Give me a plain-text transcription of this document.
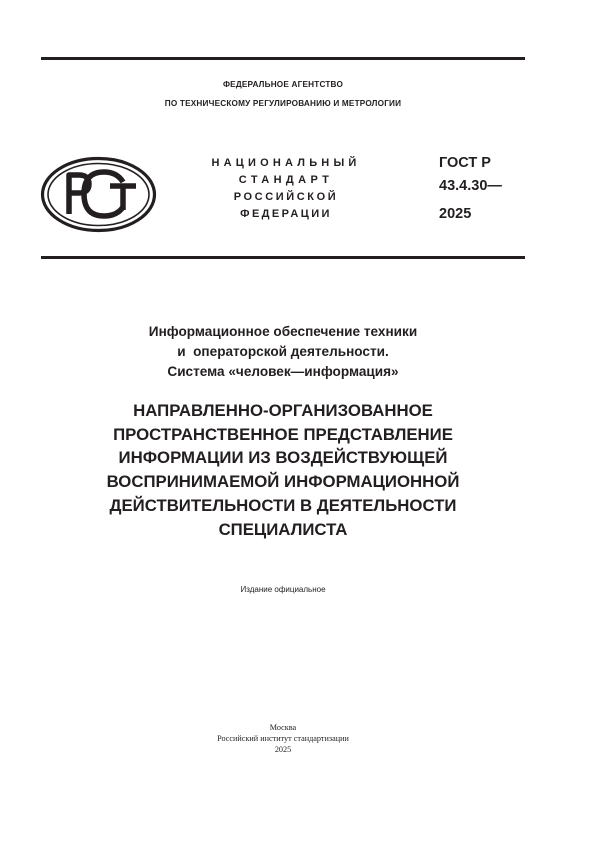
ФЕДЕРАЛЬНОЕ АГЕНТСТВО
ПО ТЕХНИЧЕСКОМУ РЕГУЛИРОВАНИЮ И МЕТРОЛОГИИ
НАЦИОНАЛЬНЫЙ
СТАНДАРТ
РОССИЙСКОЙ
ФЕДЕРАЦИИ
ГОСТ Р
43.4.30—
2025
Информационное обеспечение техники
и  операторской деятельности.
Система «человек—информация»
НАПРАВЛЕННО-ОРГАНИЗОВАННОЕ
ПРОСТРАНСТВЕННОЕ ПРЕДСТАВЛЕНИЕ
ИНФОРМАЦИИ ИЗ ВОЗДЕЙСТВУЮЩЕЙ
ВОСПРИНИМАЕМОЙ ИНФОРМАЦИОННОЙ
ДЕЙСТВИТЕЛЬНОСТИ В ДЕЯТЕЛЬНОСТИ
СПЕЦИАЛИСТА
Издание официальное
Москва
Российский институт стандартизации
2025
